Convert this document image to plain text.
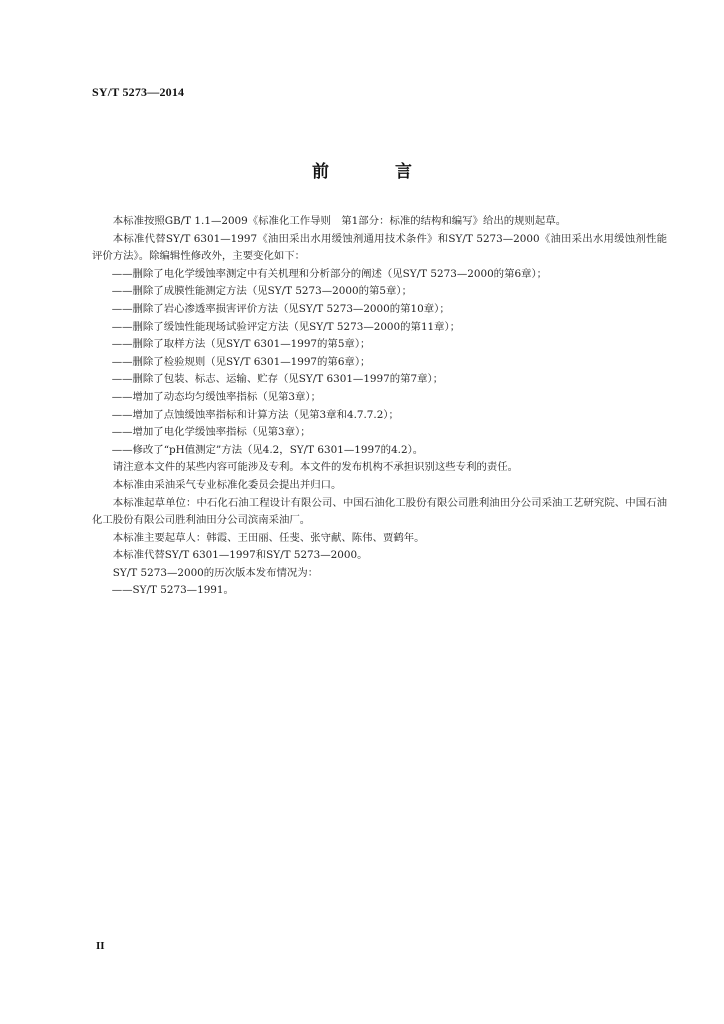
SY/T 5273—2014
前 言

本标准按照GB/T 1.1—2009《标准化工作导则　第1部分：标准的结构和编写》给出的规则起草。

本标准代替SY/T 6301—1997《油田采出水用缓蚀剂通用技术条件》和SY/T 5273—2000《油田采出水用缓蚀剂性能评价方法》。除编辑性修改外，主要变化如下：

——删除了电化学缓蚀率测定中有关机理和分析部分的阐述（见SY/T 5273—2000的第6章）；

——删除了成膜性能测定方法（见SY/T 5273—2000的第5章）；

——删除了岩心渗透率损害评价方法（见SY/T 5273—2000的第10章）；

——删除了缓蚀性能现场试验评定方法（见SY/T 5273—2000的第11章）；

——删除了取样方法（见SY/T 6301—1997的第5章）；

——删除了检验规则（见SY/T 6301—1997的第6章）；

——删除了包装、标志、运输、贮存（见SY/T 6301—1997的第7章）；

——增加了动态均匀缓蚀率指标（见第3章）；

——增加了点蚀缓蚀率指标和计算方法（见第3章和4.7.7.2）；

——增加了电化学缓蚀率指标（见第3章）；

——修改了“pH值测定”方法（见4.2，SY/T 6301—1997的4.2）。

请注意本文件的某些内容可能涉及专利。本文件的发布机构不承担识别这些专利的责任。

本标准由采油采气专业标准化委员会提出并归口。

本标准起草单位：中石化石油工程设计有限公司、中国石油化工股份有限公司胜利油田分公司采油工艺研究院、中国石油化工股份有限公司胜利油田分公司滨南采油厂。

本标准主要起草人：韩霞、王田丽、任斐、张守献、陈伟、贾鹤年。

本标准代替SY/T 6301—1997和SY/T 5273—2000。

SY/T 5273—2000的历次版本发布情况为：

——SY/T 5273—1991。

II
